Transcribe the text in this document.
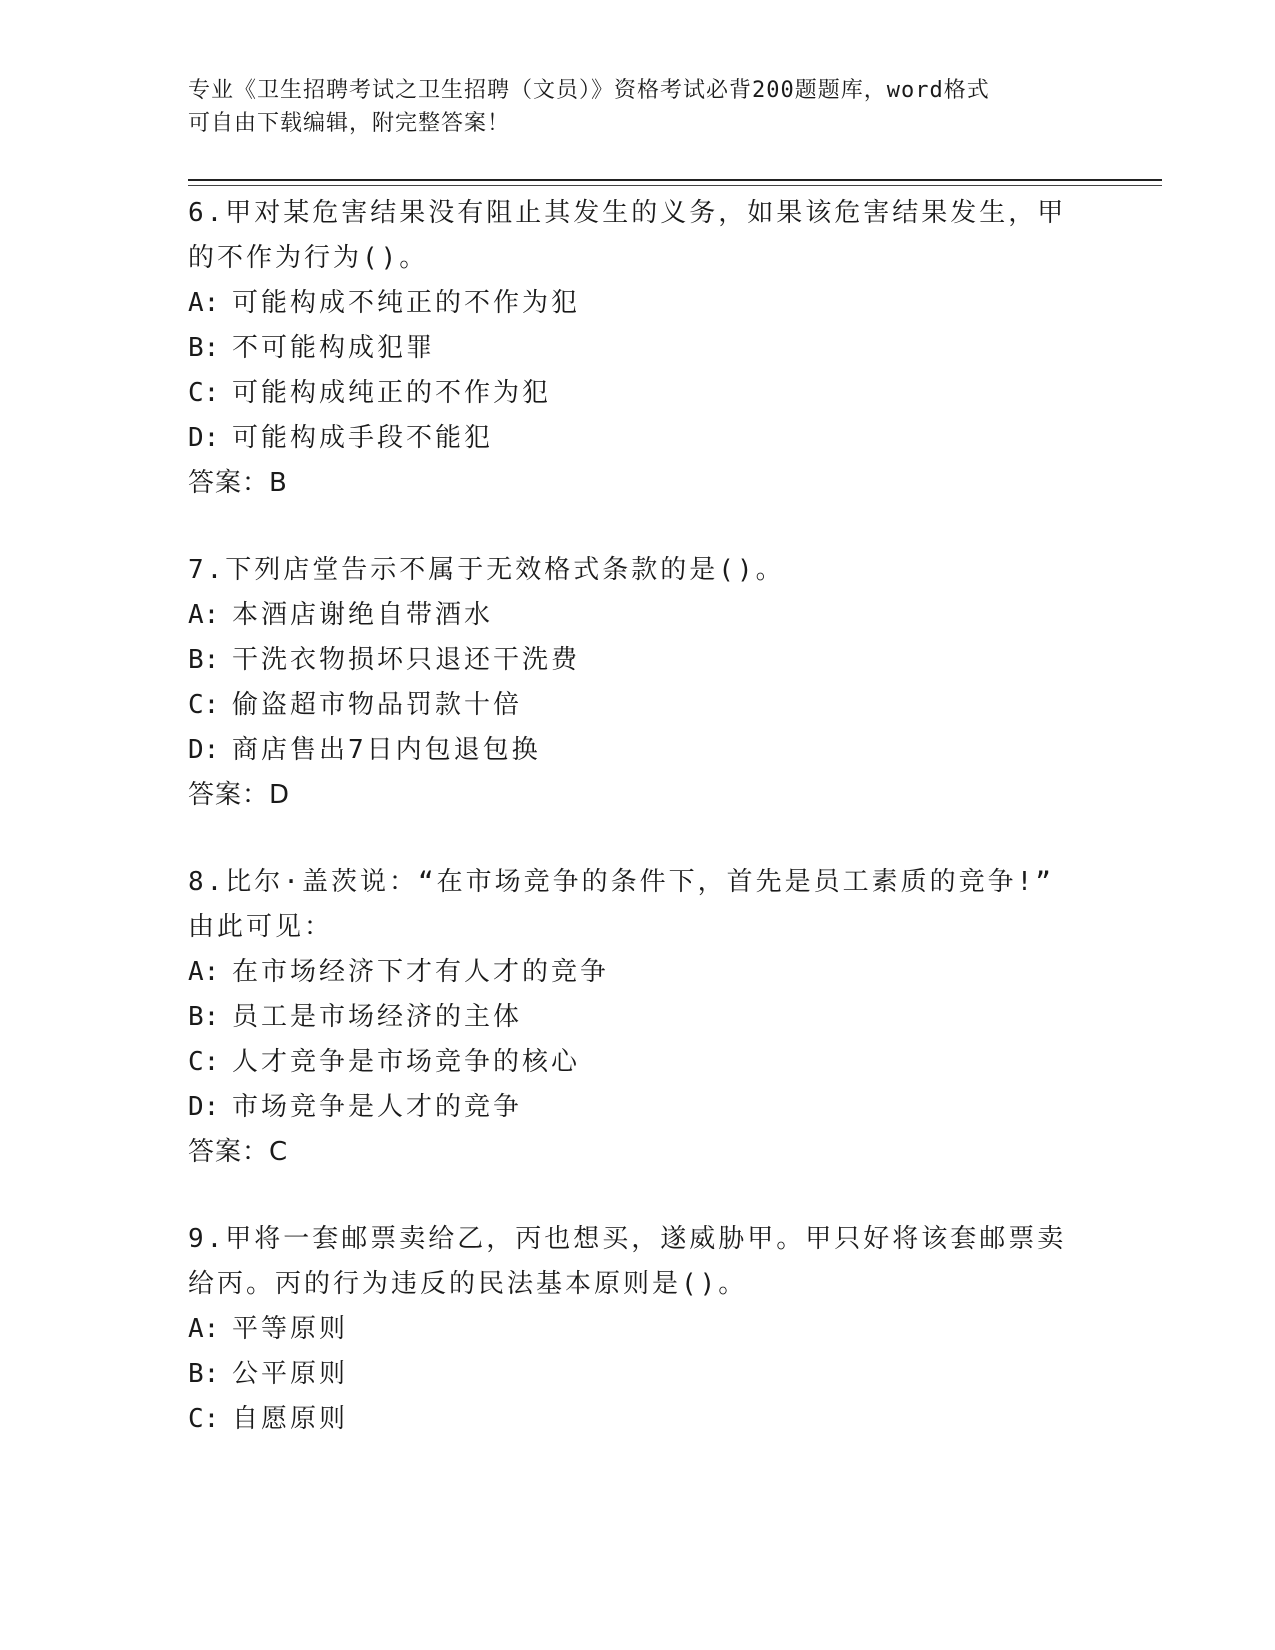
专业《卫生招聘考试之卫生招聘（文员）》资格考试必背200题题库，word格式
可自由下载编辑，附完整答案！

6.甲对某危害结果没有阻止其发生的义务，如果该危害结果发生，甲

的不作为行为()。

A: 可能构成不纯正的不作为犯

B: 不可能构成犯罪

C: 可能构成纯正的不作为犯

D: 可能构成手段不能犯

答案：B

7.下列店堂告示不属于无效格式条款的是()。

A: 本酒店谢绝自带酒水

B: 干洗衣物损坏只退还干洗费

C: 偷盗超市物品罚款十倍

D: 商店售出7日内包退包换

答案：D

8.比尔·盖茨说：“在市场竞争的条件下，首先是员工素质的竞争!”

由此可见：

A: 在市场经济下才有人才的竞争

B: 员工是市场经济的主体

C: 人才竞争是市场竞争的核心

D: 市场竞争是人才的竞争

答案：C

9.甲将一套邮票卖给乙，丙也想买，遂威胁甲。甲只好将该套邮票卖

给丙。丙的行为违反的民法基本原则是()。

A: 平等原则

B: 公平原则

C: 自愿原则
